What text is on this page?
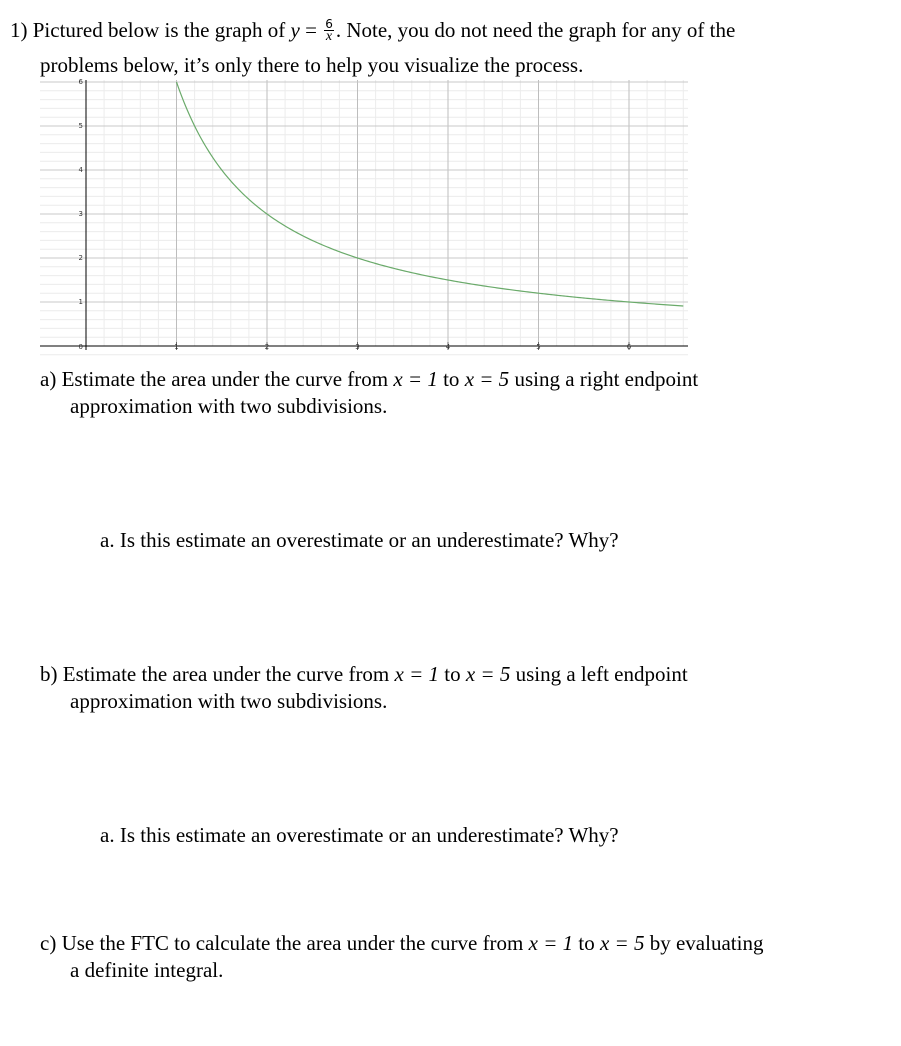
1) Pictured below is the graph of $y = \frac{6}{x}$ . Note, you do not need the graph for any of the
problems below, it’s only there to help you visualize the process.
1	2	3	4	5	6
1
2
3
4
5
6
0
a) Estimate the area under the curve from x = 1 to x = 5 using a right endpoint
approximation with two subdivisions.
a. Is this estimate an overestimate or an underestimate? Why?
b) Estimate the area under the curve from x = 1 to x = 5 using a left endpoint
approximation with two subdivisions.
a. Is this estimate an overestimate or an underestimate? Why?
c) Use the FTC to calculate the area under the curve from x = 1 to x = 5 by evaluating
a definite integral.
